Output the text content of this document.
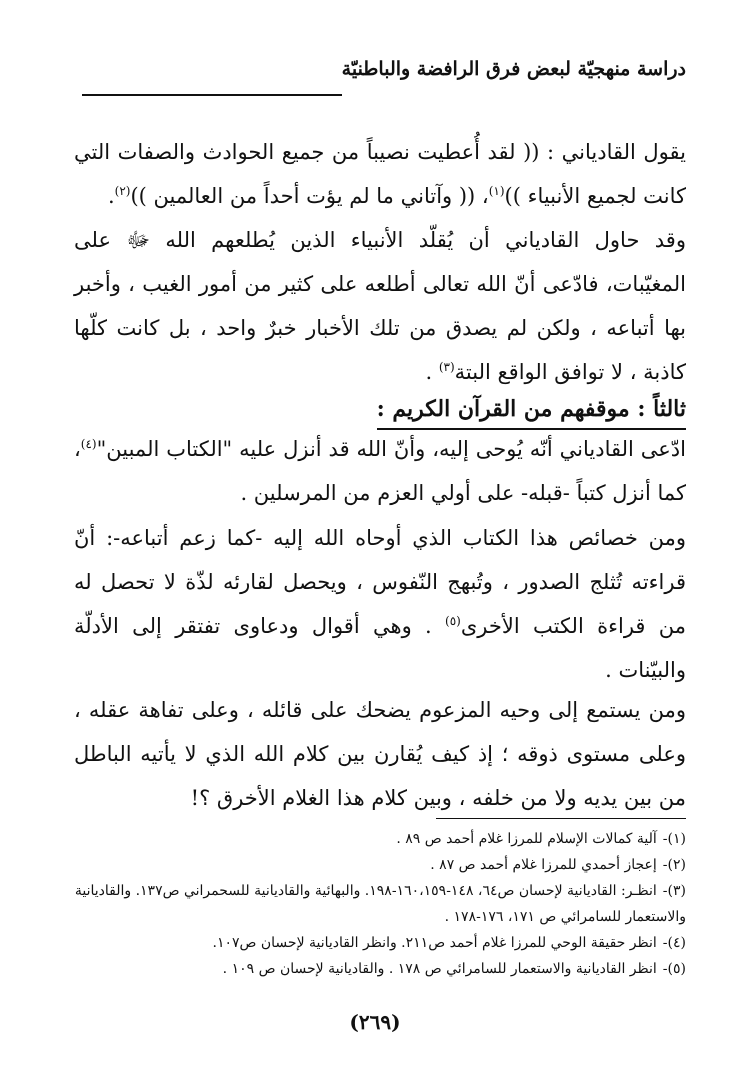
دراسة منهجيّة لبعض فرق الرافضة والباطنيّة
يقول القادياني : (( لقد أُعطيت نصيباً من جميع الحوادث والصفات التي كانت لجميع الأنبياء ))$^{(١)}$، (( وآتاني ما لم يؤت أحداً من العالمين ))$^{(٢)}$.
وقد حاول القادياني أن يُقلّد الأنبياء الذين يُطلعهم الله ﷻ على المغيّبات، فادّعى أنّ الله تعالى أطلعه على كثير من أمور الغيب ، وأخبر بها أتباعه ، ولكن لم يصدق من تلك الأخبار خبرٌ واحد ، بل كانت كلّها كاذبة ، لا توافق الواقع البتة$^{(٣)}$ .
ثالثاً : موقفهم من القرآن الكريم :
ادّعى القادياني أنّه يُوحى إليه، وأنّ الله قد أنزل عليه "الكتاب المبين"$^{(٤)}$، كما أنزل كتباً -قبله- على أولي العزم من المرسلين .
ومن خصائص هذا الكتاب الذي أوحاه الله إليه -كما زعم أتباعه-: أنّ قراءته تُثلج الصدور ، وتُبهج النّفوس ، ويحصل لقارئه لذّة لا تحصل له من قراءة الكتب الأخرى$^{(٥)}$ . وهي أقوال ودعاوى تفتقر إلى الأدلّة والبيّنات .
ومن يستمع إلى وحيه المزعوم يضحك على قائله ، وعلى تفاهة عقله ، وعلى مستوى ذوقه ؛ إذ كيف يُقارن بين كلام الله الذي لا يأتيه الباطل من بين يديه ولا من خلفه ، وبين كلام هذا الغلام الأخرق ؟!
(١)-آلية كمالات الإسلام للمرزا غلام أحمد ص ٨٩ .
(٢)-إعجاز أحمدي للمرزا غلام أحمد ص ٨٧ .
(٣)-انظـر: القاديانية لإحسان ص٦٤، ١٤٨-١٦٠،١٥٩-١٩٨. والبهائية والقاديانية للسحمراني ص١٣٧. والقاديانية والاستعمار للسامرائي ص ١٧١، ١٧٦-١٧٨ .
(٤)-انظر حقيقة الوحي للمرزا غلام أحمد ص٢١١. وانظر القاديانية لإحسان ص١٠٧.
(٥)-انظر القاديانية والاستعمار للسامرائي ص ١٧٨ . والقاديانية لإحسان ص ١٠٩ .
(٢٦٩)
